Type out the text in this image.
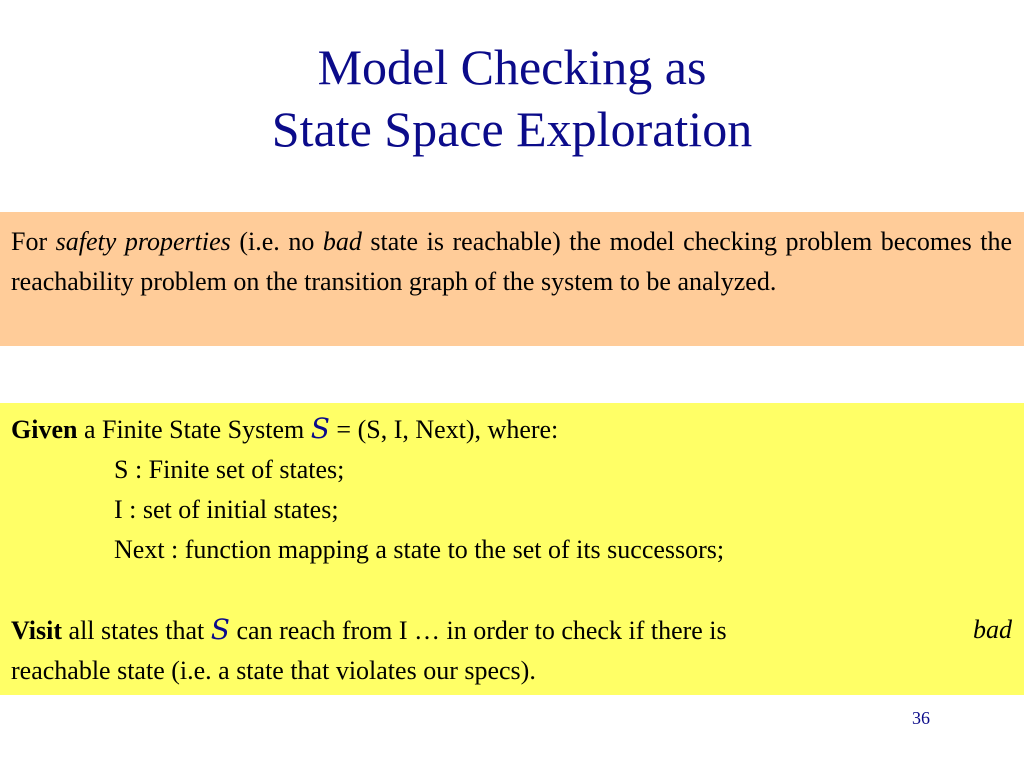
Model Checking as
State Space Exploration
For safety properties (i.e. no bad state is reachable) the model checking problem becomes the reachability problem on the transition graph of the system to be analyzed.
Given a Finite State System S = (S, I, Next), where:
S : Finite set of states;
I : set of initial states;
Next : function mapping a state to the set of its successors;
Visit all states that S can reach from I … in order to check if there is	bad
reachable state (i.e. a state that violates our specs).
36
